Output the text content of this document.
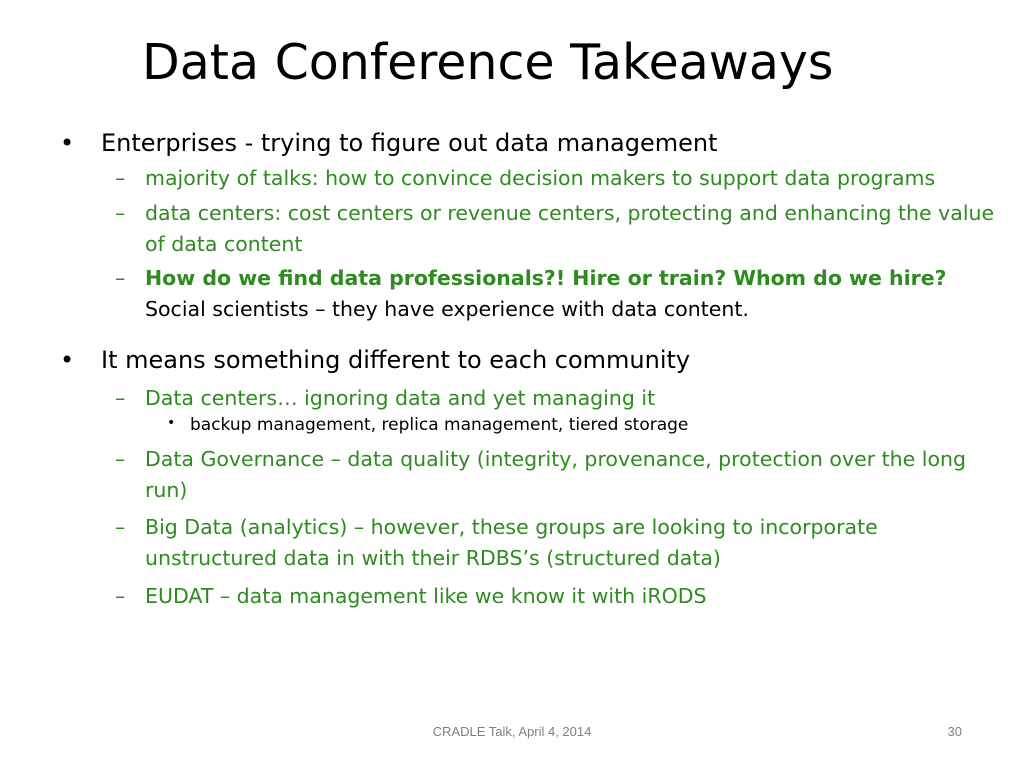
Data Conference Takeaways
• Enterprises - trying to figure out data management
– majority of talks: how to convince decision makers to support data programs
– data centers: cost centers or revenue centers, protecting and enhancing the value of data content
– How do we find data professionals?! Hire or train? Whom do we hire? Social scientists – they have experience with data content.
• It means something different to each community
– Data centers… ignoring data and yet managing it
• backup management, replica management, tiered storage
– Data Governance – data quality (integrity, provenance, protection over the long run)
– Big Data (analytics) – however, these groups are looking to incorporate unstructured data in with their RDBS’s (structured data)
– EUDAT – data management like we know it with iRODS
CRADLE Talk, April 4, 2014	30
